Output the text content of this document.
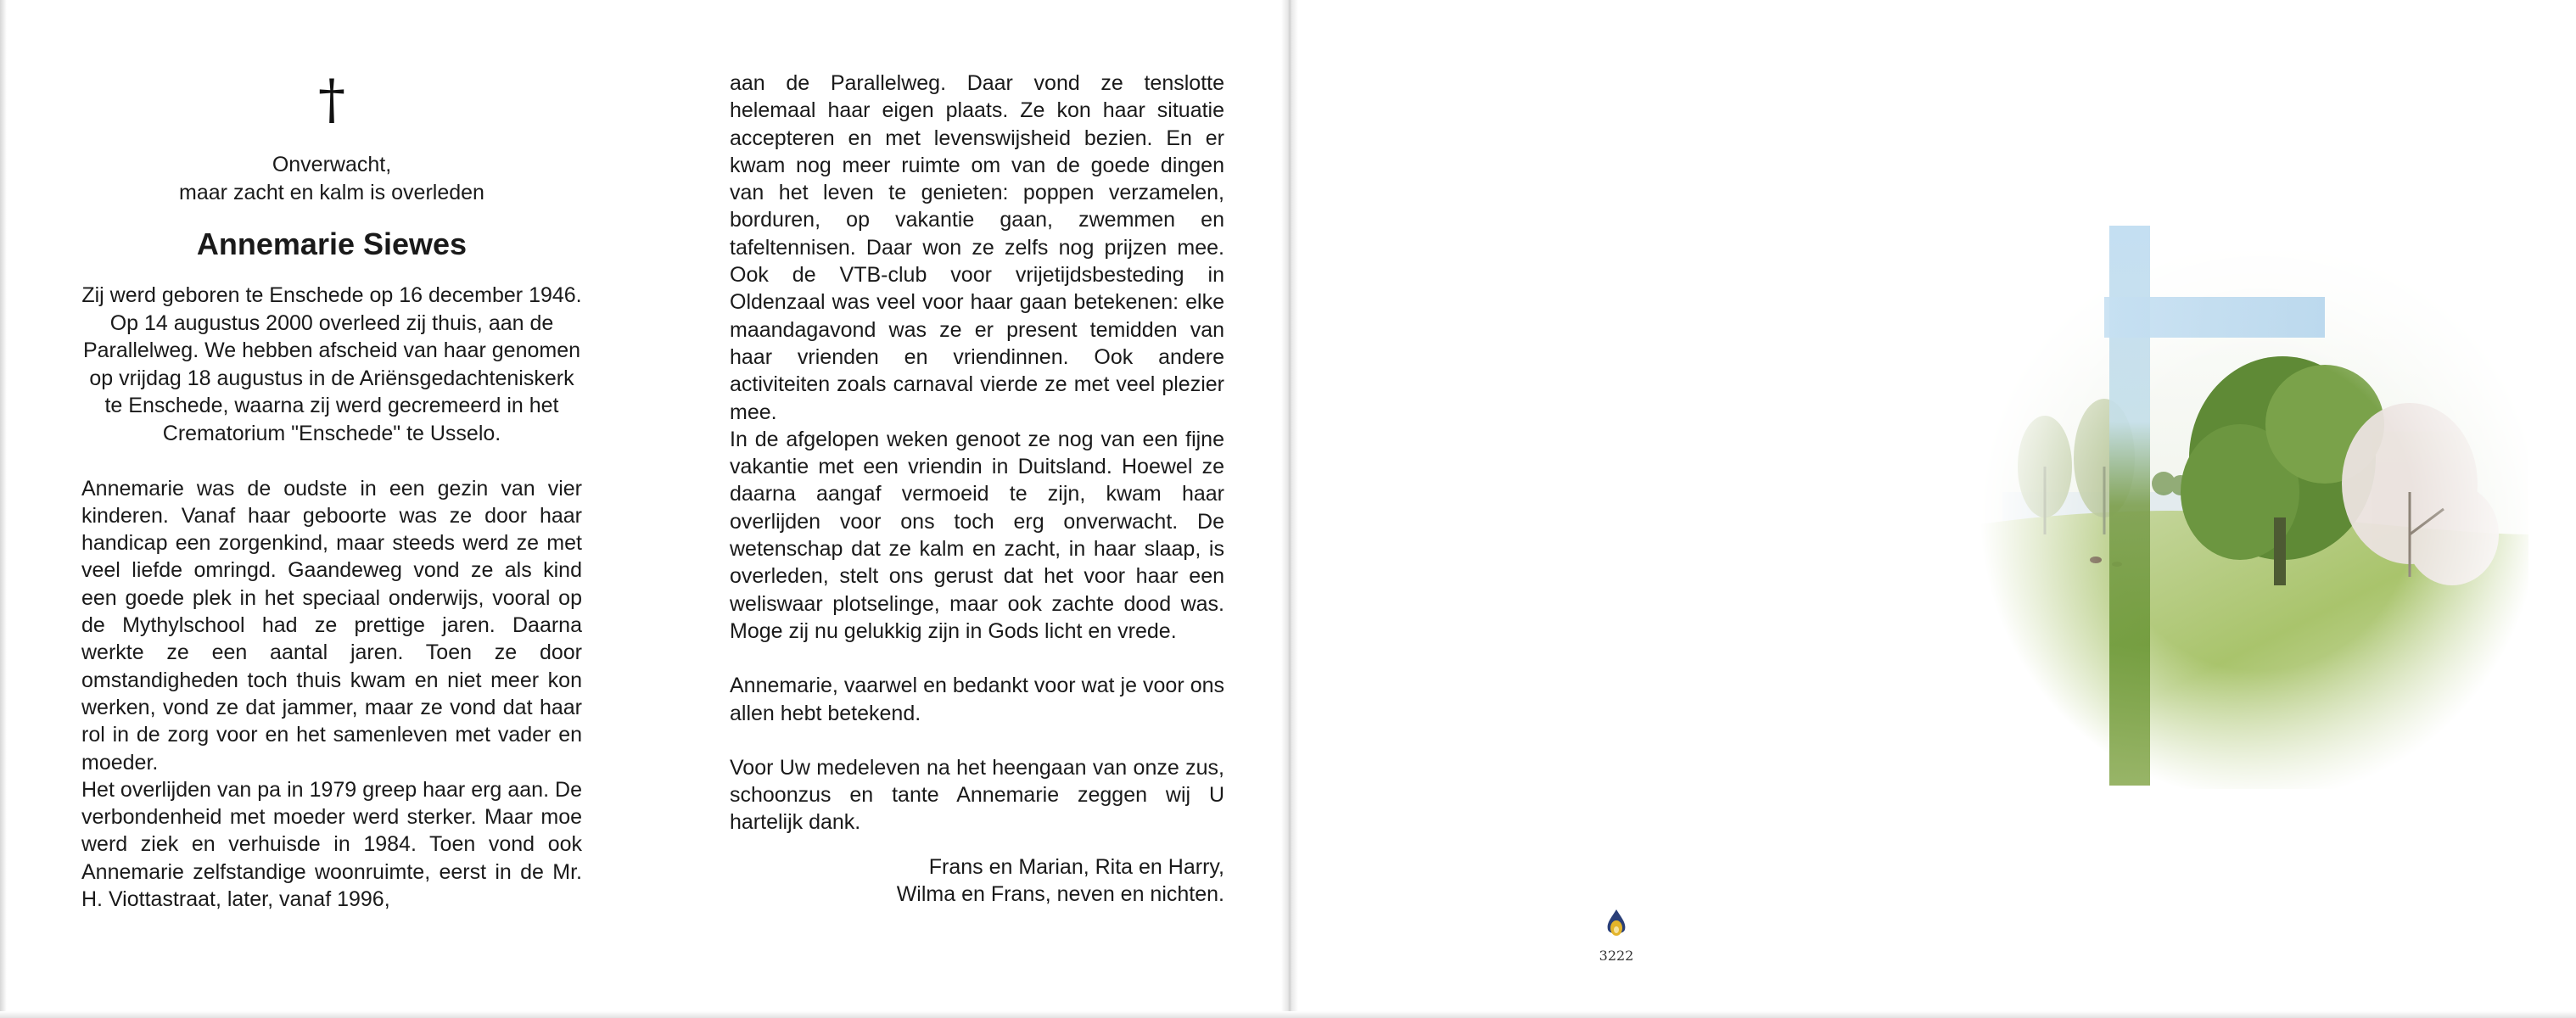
†
Onverwacht,
maar zacht en kalm is overleden
Annemarie Siewes

Zij werd geboren te Enschede op 16 december 1946. Op 14 augustus 2000 overleed zij thuis, aan de Parallelweg. We hebben afscheid van haar genomen op vrijdag 18 augustus in de Ariënsgedachteniskerk te Enschede, waarna zij werd gecremeerd in het Crematorium "Enschede" te Usselo.

Annemarie was de oudste in een gezin van vier kinderen. Vanaf haar geboorte was ze door haar handicap een zorgenkind, maar steeds werd ze met veel liefde omringd. Gaandeweg vond ze als kind een goede plek in het speciaal onderwijs, vooral op de Mythylschool had ze prettige jaren. Daarna werkte ze een aantal jaren. Toen ze door omstandigheden toch thuis kwam en niet meer kon werken, vond ze dat jammer, maar ze vond dat haar rol in de zorg voor en het samenleven met vader en moeder.

Het overlijden van pa in 1979 greep haar erg aan. De verbondenheid met moeder werd sterker. Maar moe werd ziek en verhuisde in 1984. Toen vond ook Annemarie zelfstandige woonruimte, eerst in de Mr. H. Viottastraat, later, vanaf 1996,

aan de Parallelweg. Daar vond ze tenslotte helemaal haar eigen plaats. Ze kon haar situatie accepteren en met levenswijsheid bezien. En er kwam nog meer ruimte om van de goede dingen van het leven te genieten: poppen verzamelen, borduren, op vakantie gaan, zwemmen en tafeltennisen. Daar won ze zelfs nog prijzen mee. Ook de VTB-club voor vrijetijdsbesteding in Oldenzaal was veel voor haar gaan betekenen: elke maandagavond was ze er present temidden van haar vrienden en vriendinnen. Ook andere activiteiten zoals carnaval vierde ze met veel plezier mee.

In de afgelopen weken genoot ze nog van een fijne vakantie met een vriendin in Duitsland. Hoewel ze daarna aangaf vermoeid te zijn, kwam haar overlijden voor ons toch erg onverwacht. De wetenschap dat ze kalm en zacht, in haar slaap, is overleden, stelt ons gerust dat het voor haar een weliswaar plotselinge, maar ook zachte dood was. Moge zij nu gelukkig zijn in Gods licht en vrede.

Annemarie, vaarwel en bedankt voor wat je voor ons allen hebt betekend.

Voor Uw medeleven na het heengaan van onze zus, schoonzus en tante Annemarie zeggen wij U hartelijk dank.

Frans en Marian, Rita en Harry,
Wilma en Frans, neven en nichten.

3222
